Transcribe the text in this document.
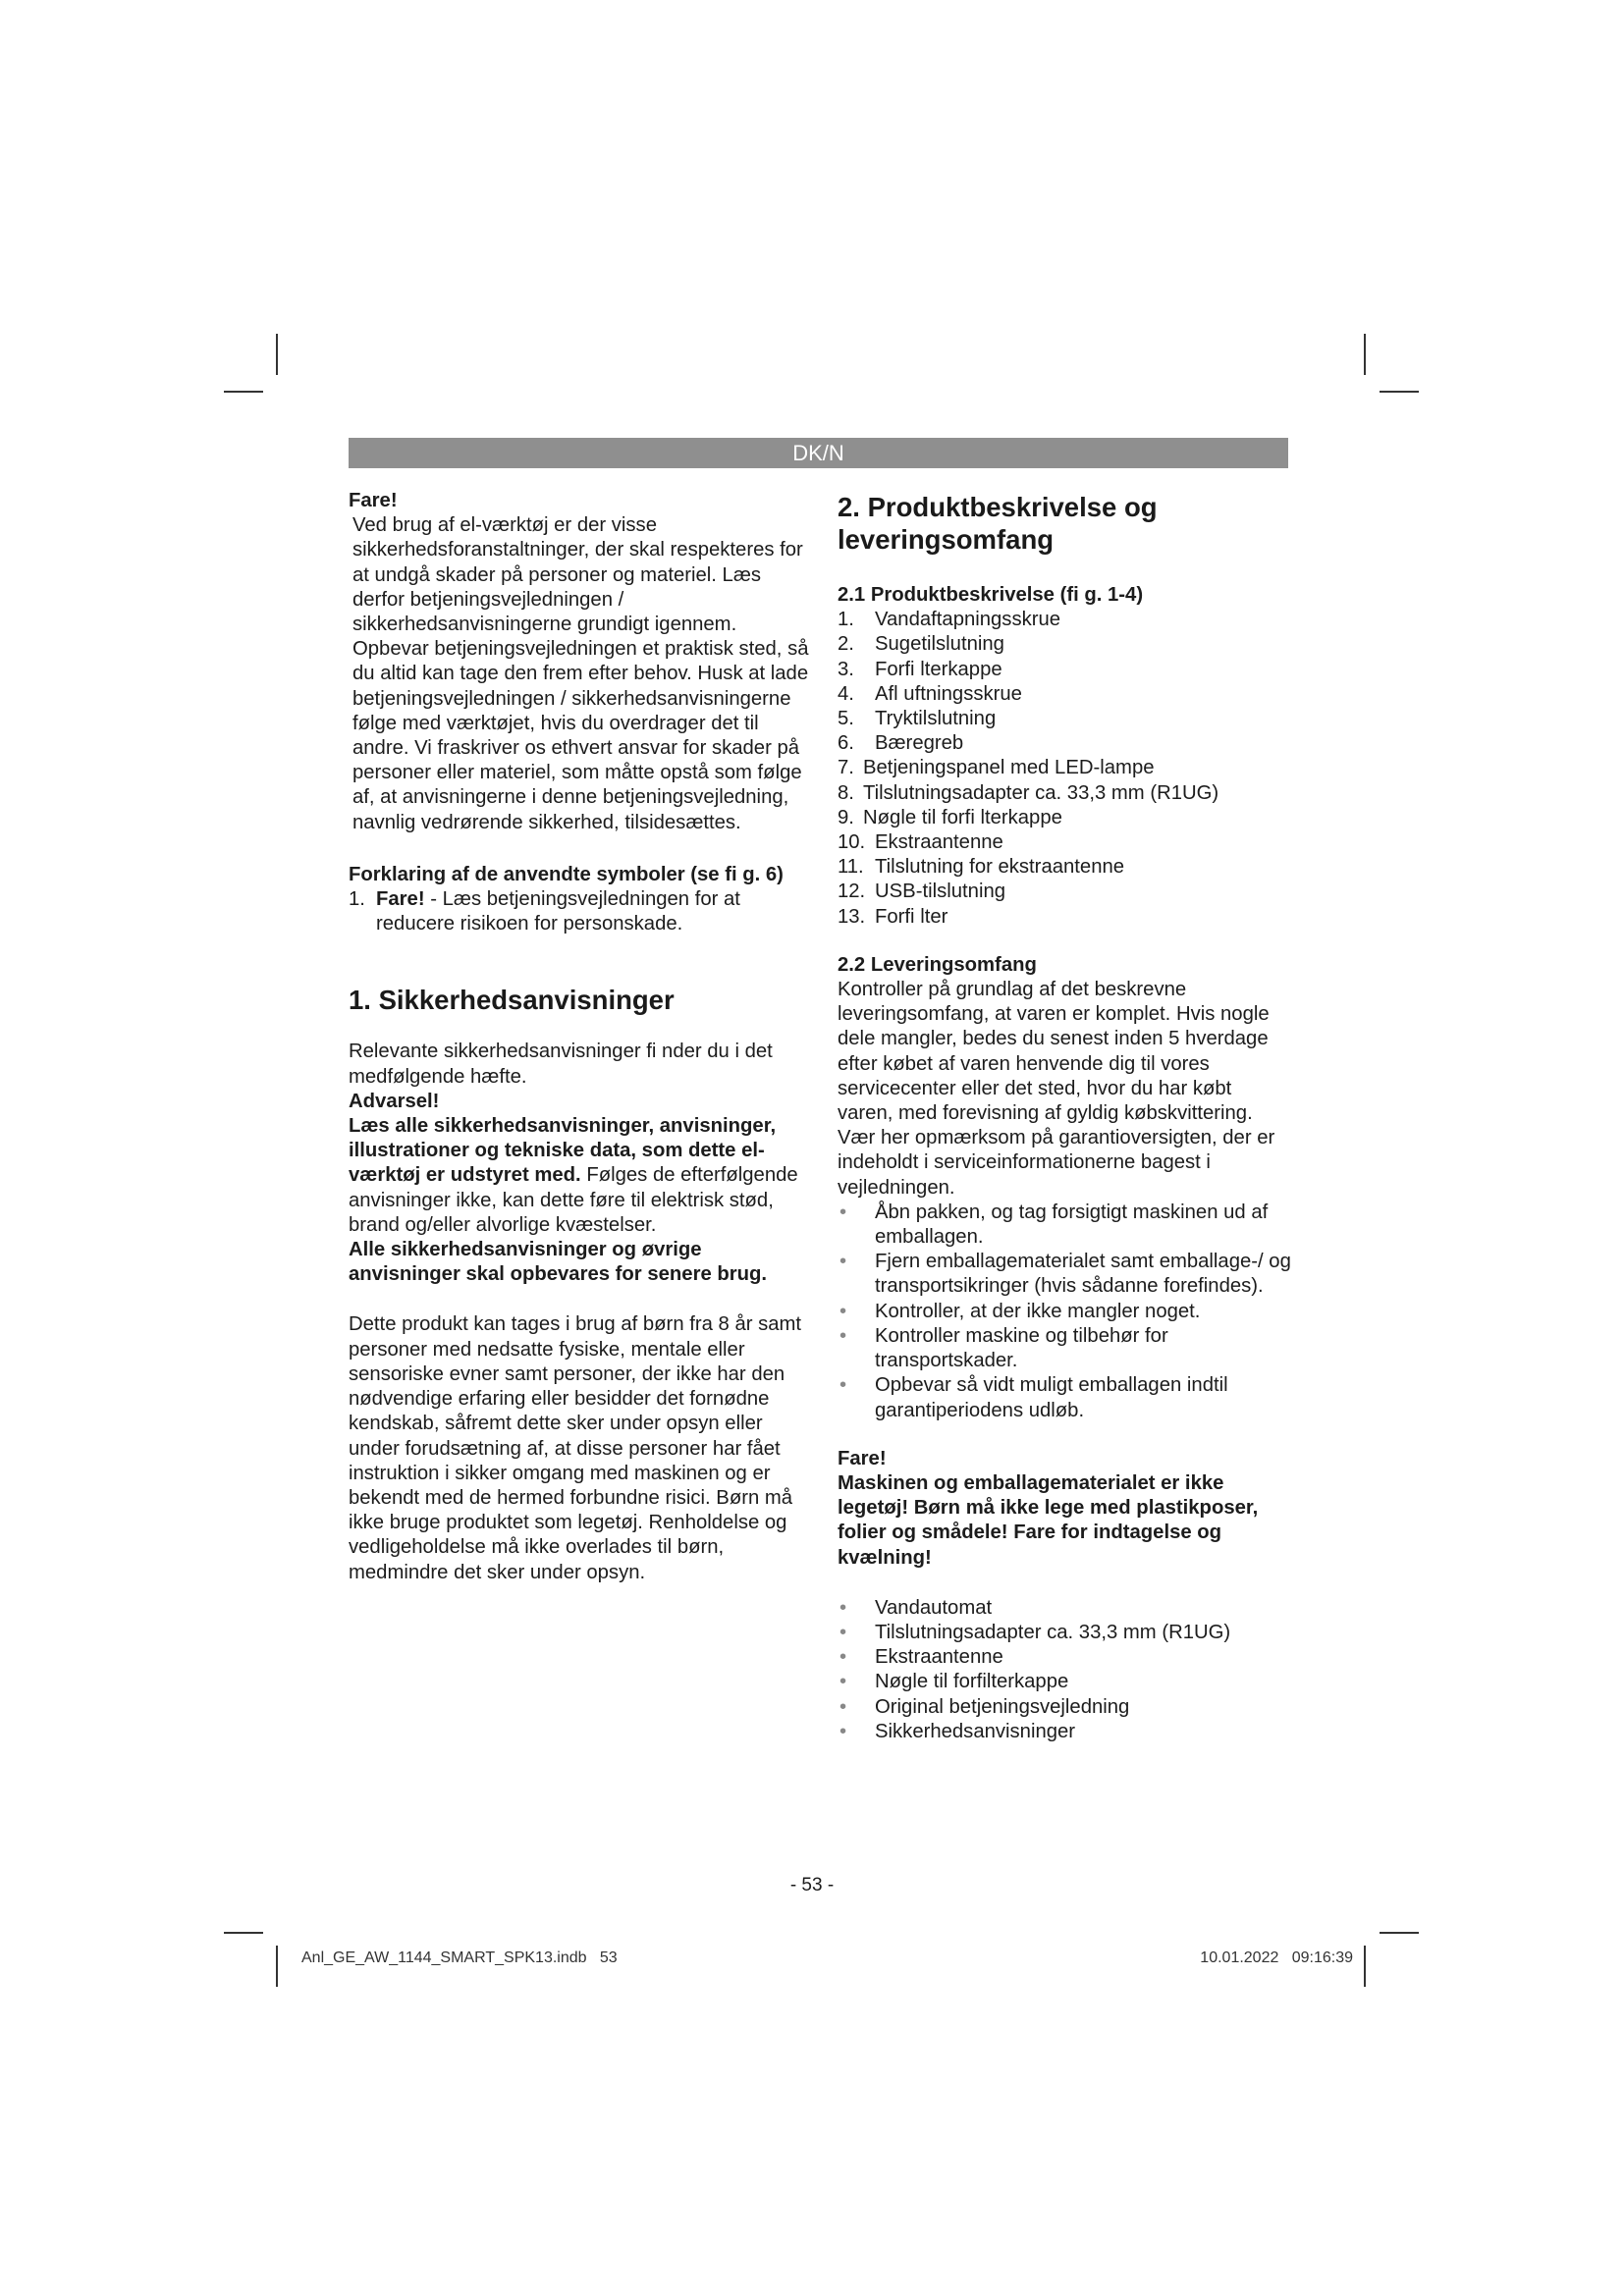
DK/N

Fare!

Ved brug af el-værktøj er der visse sikkerhedsforanstaltninger, der skal respekteres for at undgå skader på personer og materiel. Læs derfor betjeningsvejledningen / sikkerhedsanvisningerne grundigt igennem. Opbevar betjeningsvejledningen et praktisk sted, så du altid kan tage den frem efter behov. Husk at lade betjeningsvejledningen / sikkerhedsanvisningerne følge med værktøjet, hvis du overdrager det til andre. Vi fraskriver os ethvert ansvar for skader på personer eller materiel, som måtte opstå som følge af, at anvisningerne i denne betjeningsvejledning, navnlig vedrørende sikkerhed, tilsidesættes.

Forklaring af de anvendte symboler (se fi g. 6)

1. Fare! - Læs betjeningsvejledningen for at reducere risikoen for personskade.

1. Sikkerhedsanvisninger

Relevante sikkerhedsanvisninger fi nder du i det medfølgende hæfte.

Advarsel!

Læs alle sikkerhedsanvisninger, anvisninger, illustrationer og tekniske data, som dette el-værktøj er udstyret med. Følges de efterfølgende anvisninger ikke, kan dette føre til elektrisk stød, brand og/eller alvorlige kvæstelser.

Alle sikkerhedsanvisninger og øvrige anvisninger skal opbevares for senere brug.

Dette produkt kan tages i brug af børn fra 8 år samt personer med nedsatte fysiske, mentale eller sensoriske evner samt personer, der ikke har den nødvendige erfaring eller besidder det fornødne kendskab, såfremt dette sker under opsyn eller under forudsætning af, at disse personer har fået instruktion i sikker omgang med maskinen og er bekendt med de hermed forbundne risici. Børn må ikke bruge produktet som legetøj. Renholdelse og vedligeholdelse må ikke overlades til børn, medmindre det sker under opsyn.

2. Produktbeskrivelse og leveringsomfang

2.1 Produktbeskrivelse (fi g. 1-4)

1.	Vandaftapningsskrue
2.	Sugetilslutning
3.	Forfi lterkappe
4.	Afl uftningsskrue
5.	Tryktilslutning
6.	Bæregreb
7. Betjeningspanel med LED-lampe
8. Tilslutningsadapter ca. 33,3 mm (R1UG)
9. Nøgle til forfi lterkappe
10. Ekstraantenne
11. Tilslutning for ekstraantenne
12. USB-tilslutning
13. Forfi lter

2.2 Leveringsomfang

Kontroller på grundlag af det beskrevne leveringsomfang, at varen er komplet. Hvis nogle dele mangler, bedes du senest inden 5 hverdage efter købet af varen henvende dig til vores servicecenter eller det sted, hvor du har købt varen, med forevisning af gyldig købskvittering. Vær her opmærksom på garantioversigten, der er indeholdt i serviceinformationerne bagest i vejledningen.

•	Åbn pakken, og tag forsigtigt maskinen ud af emballagen.
•	Fjern emballagematerialet samt emballage-/ og transportsikringer (hvis sådanne forefindes).
•	Kontroller, at der ikke mangler noget.
•	Kontroller maskine og tilbehør for transportskader.
•	Opbevar så vidt muligt emballagen indtil garantiperiodens udløb.

Fare!

Maskinen og emballagematerialet er ikke legetøj! Børn må ikke lege med plastikposer, folier og smådele! Fare for indtagelse og kvælning!

•	Vandautomat
•	Tilslutningsadapter ca. 33,3 mm (R1UG)
•	Ekstraantenne
•	Nøgle til forfilterkappe
•	Original betjeningsvejledning
•	Sikkerhedsanvisninger
- 53 -
Anl_GE_AW_1144_SMART_SPK13.indb   53	10.01.2022   09:16:39
